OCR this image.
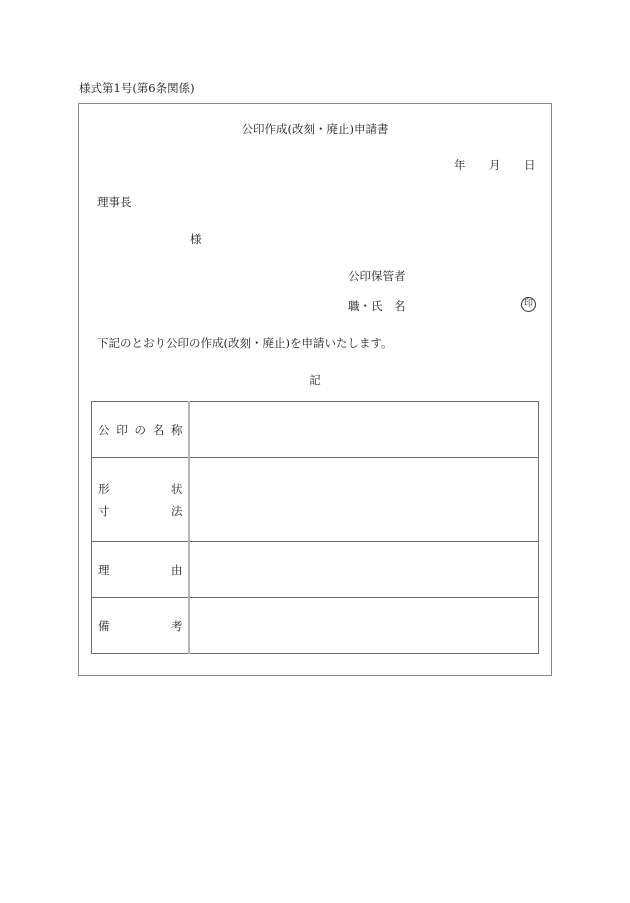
様式第1号(第6条関係)
公印作成(改刻・廃止)申請書
年 月 日
理事長
様
公印保管者
職・氏　名	印
下記のとおり公印の作成(改刻・廃止)を申請いたします。
記
公 印 の 名 称	

形 状
寸 法	

理 由	

備 考	
